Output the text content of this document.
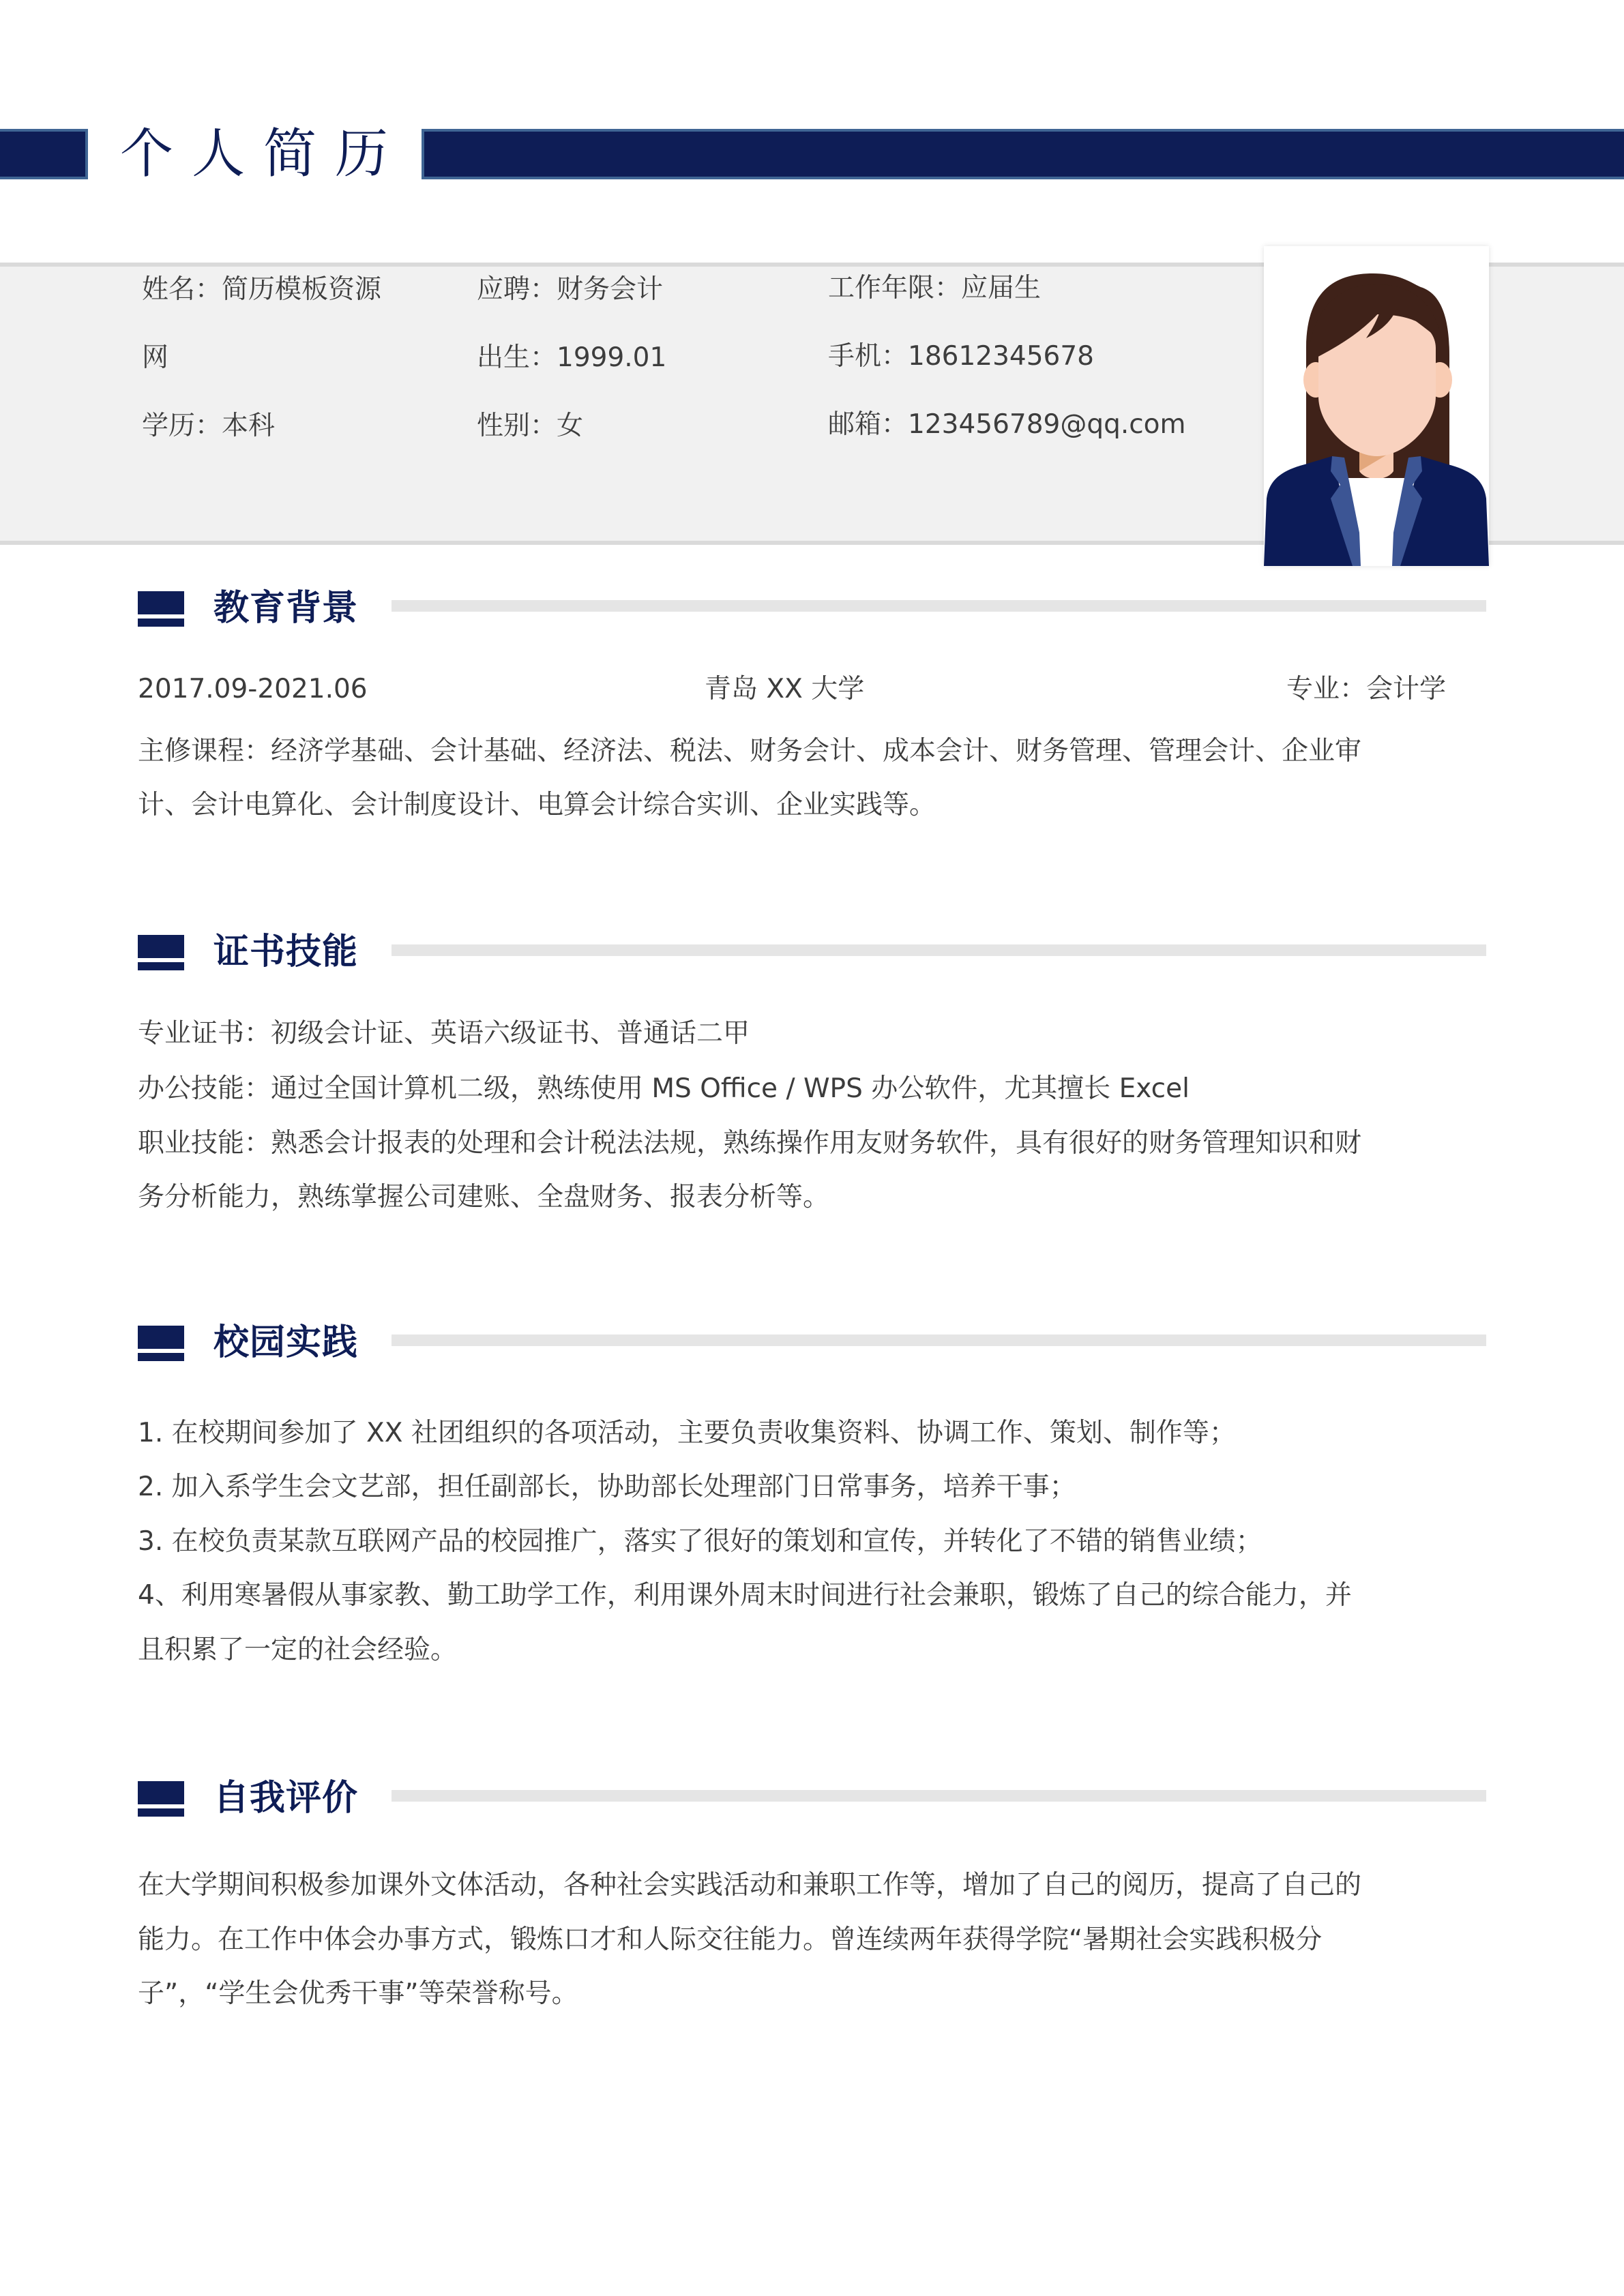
个人简历
姓名：简历模板资源
网
学历：本科
应聘：财务会计
出生：1999.01
性别：女
工作年限：应届生
手机：18612345678
邮箱：123456789@qq.com
教育背景
2017.09-2021.06	青岛 XX 大学	专业：会计学
主修课程：经济学基础、会计基础、经济法、税法、财务会计、成本会计、财务管理、管理会计、企业审
计、会计电算化、会计制度设计、电算会计综合实训、企业实践等。
证书技能
专业证书：初级会计证、英语六级证书、普通话二甲
办公技能：通过全国计算机二级，熟练使用 MS Office / WPS 办公软件，尤其擅长 Excel
职业技能：熟悉会计报表的处理和会计税法法规，熟练操作用友财务软件，具有很好的财务管理知识和财
务分析能力，熟练掌握公司建账、全盘财务、报表分析等。
校园实践
1. 在校期间参加了 XX 社团组织的各项活动，主要负责收集资料、协调工作、策划、制作等；
2. 加入系学生会文艺部，担任副部长，协助部长处理部门日常事务，培养干事；
3. 在校负责某款互联网产品的校园推广，落实了很好的策划和宣传，并转化了不错的销售业绩；
4、利用寒暑假从事家教、勤工助学工作，利用课外周末时间进行社会兼职，锻炼了自己的综合能力，并
且积累了一定的社会经验。
自我评价
在大学期间积极参加课外文体活动，各种社会实践活动和兼职工作等，增加了自己的阅历，提高了自己的
能力。在工作中体会办事方式，锻炼口才和人际交往能力。曾连续两年获得学院“暑期社会实践积极分
子”，“学生会优秀干事”等荣誉称号。
